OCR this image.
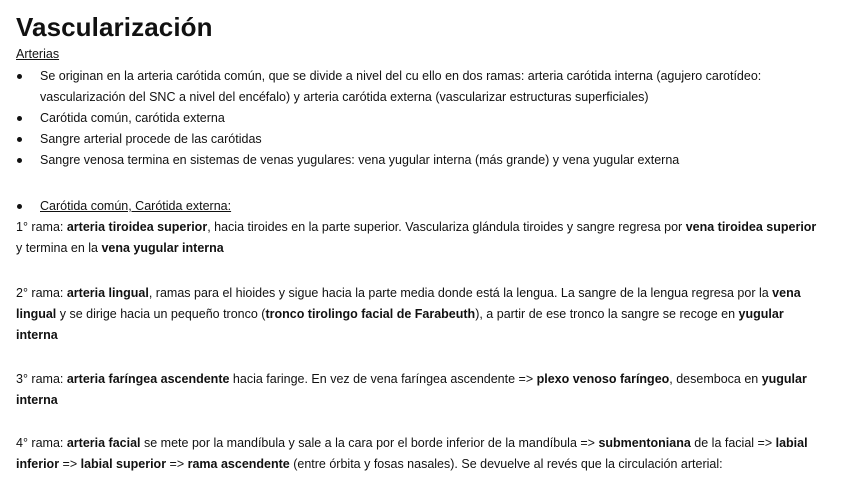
Vascularización
Arterias
Se originan en la arteria carótida común, que se divide a nivel del cu ello en dos ramas: arteria carótida interna (agujero carotídeo: vascularización del SNC a nivel del encéfalo) y arteria carótida externa (vascularizar estructuras superficiales)
Carótida común, carótida externa
Sangre arterial procede de las carótidas
Sangre venosa termina en sistemas de venas yugulares: vena yugular interna (más grande) y vena yugular externa
Carótida común, Carótida externa:
1° rama: arteria tiroidea superior, hacia tiroides en la parte superior. Vasculariza glándula tiroides y sangre regresa por vena tiroidea superior y termina en la vena yugular interna
2° rama: arteria lingual, ramas para el hioides y sigue hacia la parte media donde está la lengua. La sangre de la lengua regresa por la vena lingual y se dirige hacia un pequeño tronco (tronco tirolingo facial de Farabeuth), a partir de ese tronco la sangre se recoge en yugular interna
3° rama: arteria faríngea ascendente hacia faringe. En vez de vena faríngea ascendente => plexo venoso faríngeo, desemboca en yugular interna
4° rama: arteria facial se mete por la mandíbula y sale a la cara por el borde inferior de la mandíbula => submentoniana de la facial => labial inferior => labial superior => rama ascendente (entre órbita y fosas nasales). Se devuelve al revés que la circulación arterial:
